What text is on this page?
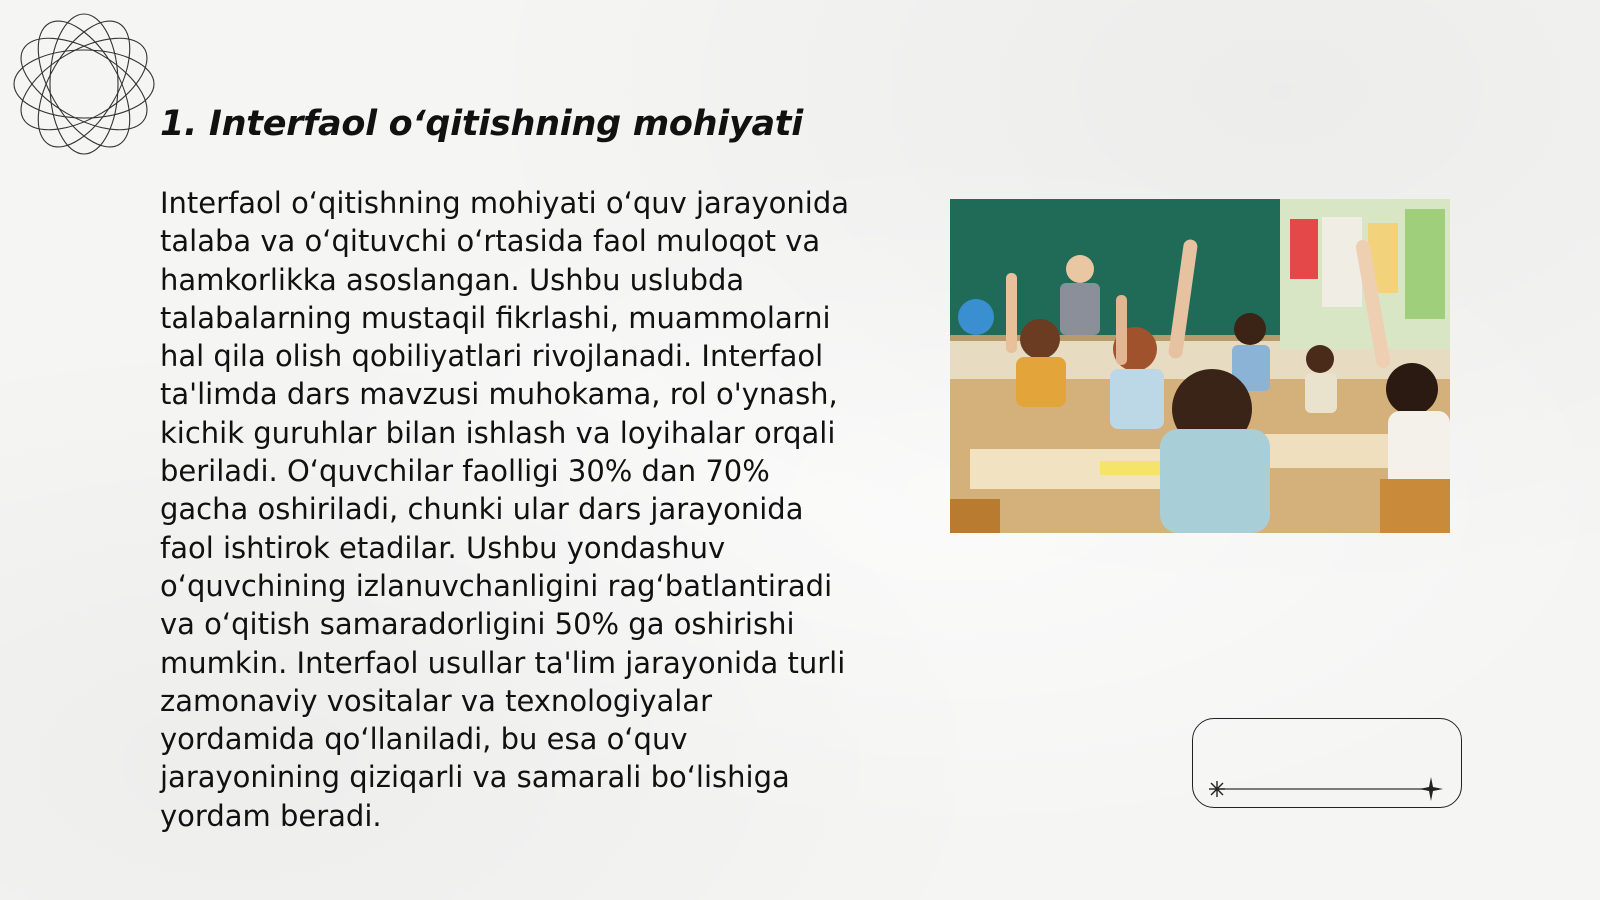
1. Interfaol o‘qitishning mohiyati

Interfaol o‘qitishning mohiyati o‘quv jarayonida talaba va o‘qituvchi o‘rtasida faol muloqot va hamkorlikka asoslangan. Ushbu uslubda talabalarning mustaqil fikrlashi, muammolarni hal qila olish qobiliyatlari rivojlanadi. Interfaol ta'limda dars mavzusi muhokama, rol o'ynash, kichik guruhlar bilan ishlash va loyihalar orqali beriladi. O‘quvchilar faolligi 30% dan 70% gacha oshiriladi, chunki ular dars jarayonida faol ishtirok etadilar. Ushbu yondashuv o‘quvchining izlanuvchanligini rag‘batlantiradi va o‘qitish samaradorligini 50% ga oshirishi mumkin. Interfaol usullar ta'lim jarayonida turli zamonaviy vositalar va texnologiyalar yordamida qo‘llaniladi, bu esa o‘quv jarayonining qiziqarli va samarali bo‘lishiga yordam beradi.
